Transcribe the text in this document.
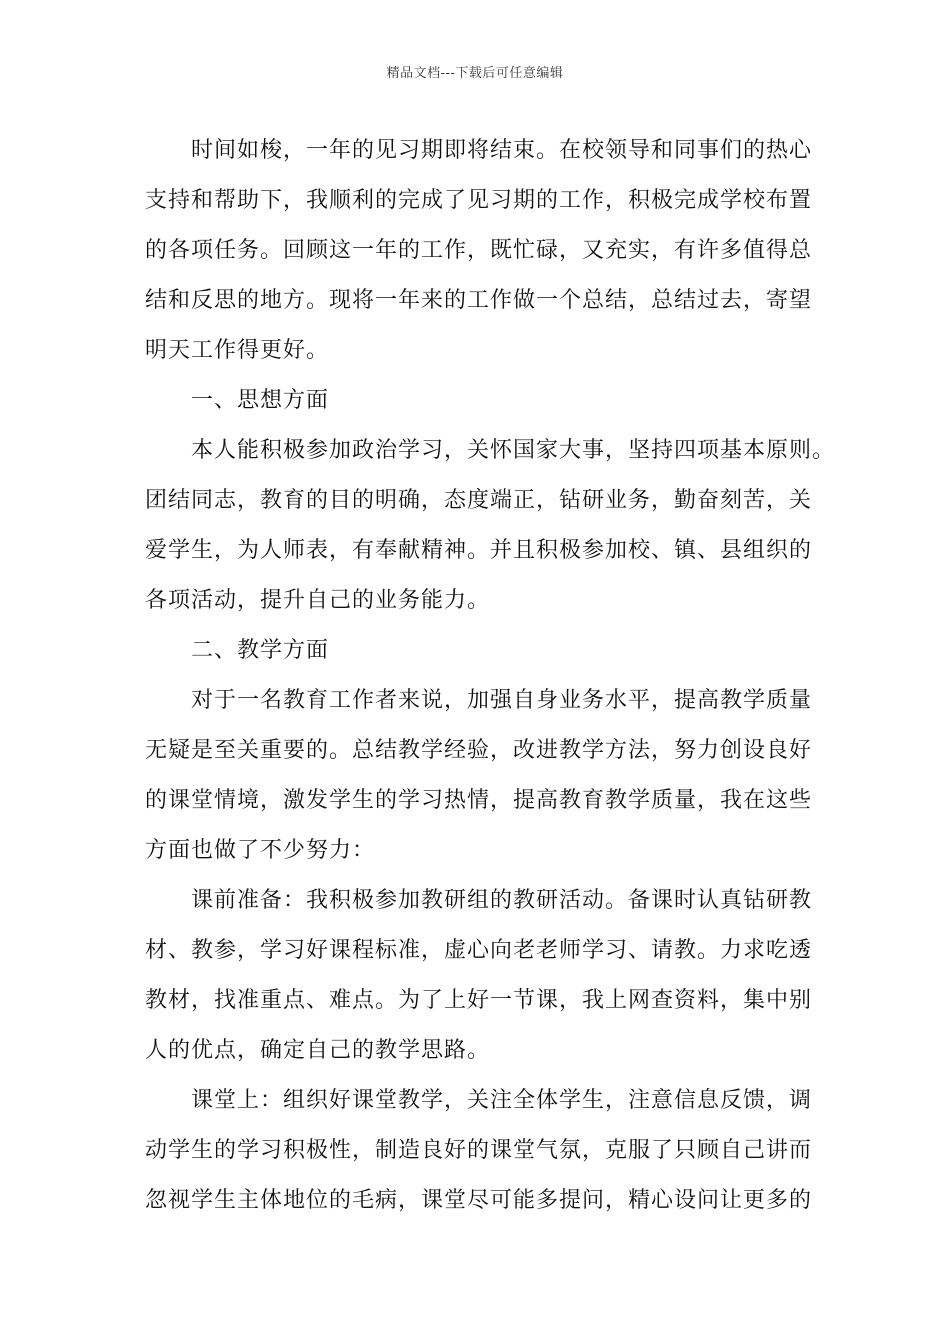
精品文档---下载后可任意编辑
时间如梭，一年的见习期即将结束。在校领导和同事们的热心
支持和帮助下，我顺利的完成了见习期的工作，积极完成学校布置
的各项任务。回顾这一年的工作，既忙碌，又充实，有许多值得总
结和反思的地方。现将一年来的工作做一个总结，总结过去，寄望
明天工作得更好。
一、思想方面
本人能积极参加政治学习，关怀国家大事，坚持四项基本原则。
团结同志，教育的目的明确，态度端正，钻研业务，勤奋刻苦，关
爱学生，为人师表，有奉献精神。并且积极参加校、镇、县组织的
各项活动，提升自己的业务能力。
二、教学方面
对于一名教育工作者来说，加强自身业务水平，提高教学质量
无疑是至关重要的。总结教学经验，改进教学方法，努力创设良好
的课堂情境，激发学生的学习热情，提高教育教学质量，我在这些
方面也做了不少努力：
课前准备：我积极参加教研组的教研活动。备课时认真钻研教
材、教参，学习好课程标准，虚心向老老师学习、请教。力求吃透
教材，找准重点、难点。为了上好一节课，我上网查资料，集中别
人的优点，确定自己的教学思路。
课堂上：组织好课堂教学，关注全体学生，注意信息反馈，调
动学生的学习积极性，制造良好的课堂气氛，克服了只顾自己讲而
忽视学生主体地位的毛病，课堂尽可能多提问，精心设问让更多的
